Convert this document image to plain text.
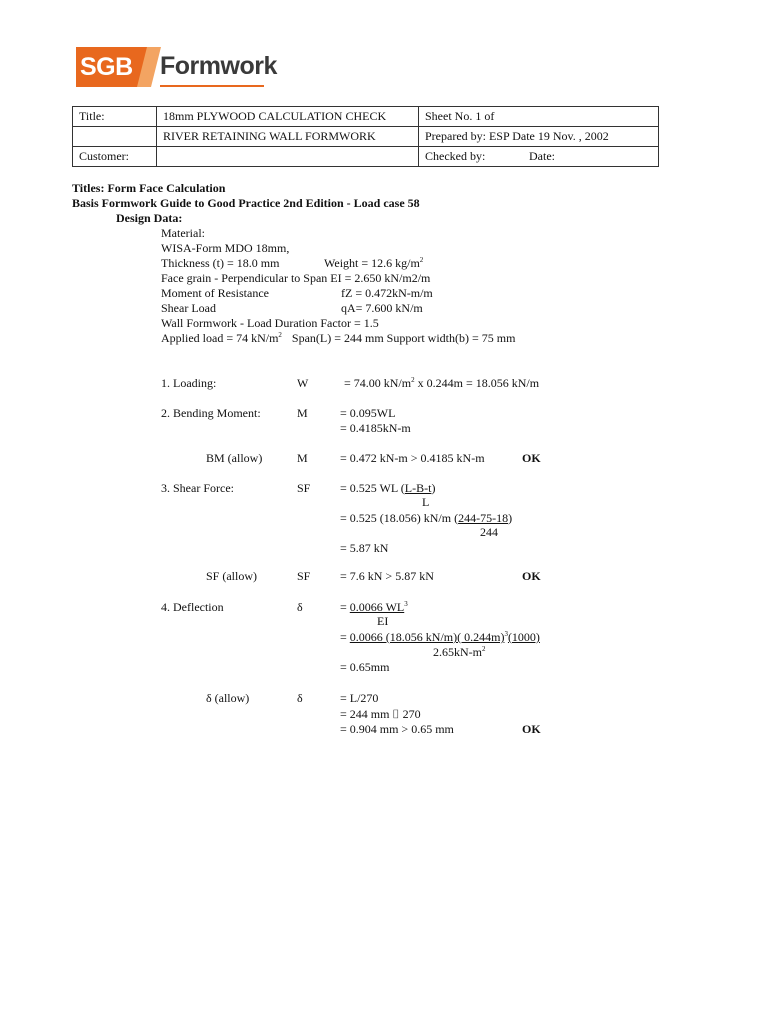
SGB Formwork
Title:	18mm PLYWOOD CALCULATION CHECK	Sheet No. 1 of
	RIVER RETAINING WALL FORMWORK	Prepared by: ESP Date 19 Nov. , 2002
Customer:		Checked by: Date:
Titles: Form Face Calculation
Basis Formwork Guide to Good Practice 2nd Edition - Load case 58
Design Data:
Material:
WISA-Form MDO 18mm,
Thickness (t) = 18.0 mm	Weight = 12.6 $kg/m^2$
Face grain - Perpendicular to Span EI = 2.650 kN/m2/m
Moment of Resistance	fZ = 0.472kN-m/m
Shear Load	qA= 7.600 kN/m
Wall Formwork - Load Duration Factor = 1.5
Applied load = 74 $kN/m^2$ Span(L) = 244 mm Support width(b) = 75 mm
1. Loading:	W	= 74.00 $kN/m^2$ x 0.244m = 18.056 kN/m
2. Bending Moment:	M	= 0.095WL
= 0.4185kN-m
BM (allow)	M	= 0.472 kN-m > 0.4185 kN-m	OK
3. Shear Force:	SF = 0.525 WL (L-B-t)
L
= 0.525 (18.056) kN/m (244-75-18)
244
= 5.87 kN
SF (allow)	SF = 7.6 kN > 5.87 kN	OK
4. Deflection	δ	= 0.0066 $WL^3$
EI
= 0.0066 (18.056 kN/m)( 0.244m)$^3$(1000)
$2.65kN-m^2$
= 0.65mm
δ (allow)	δ	= L/270
= 244 mm ⌷ 270
= 0.904 mm > 0.65 mm	OK
